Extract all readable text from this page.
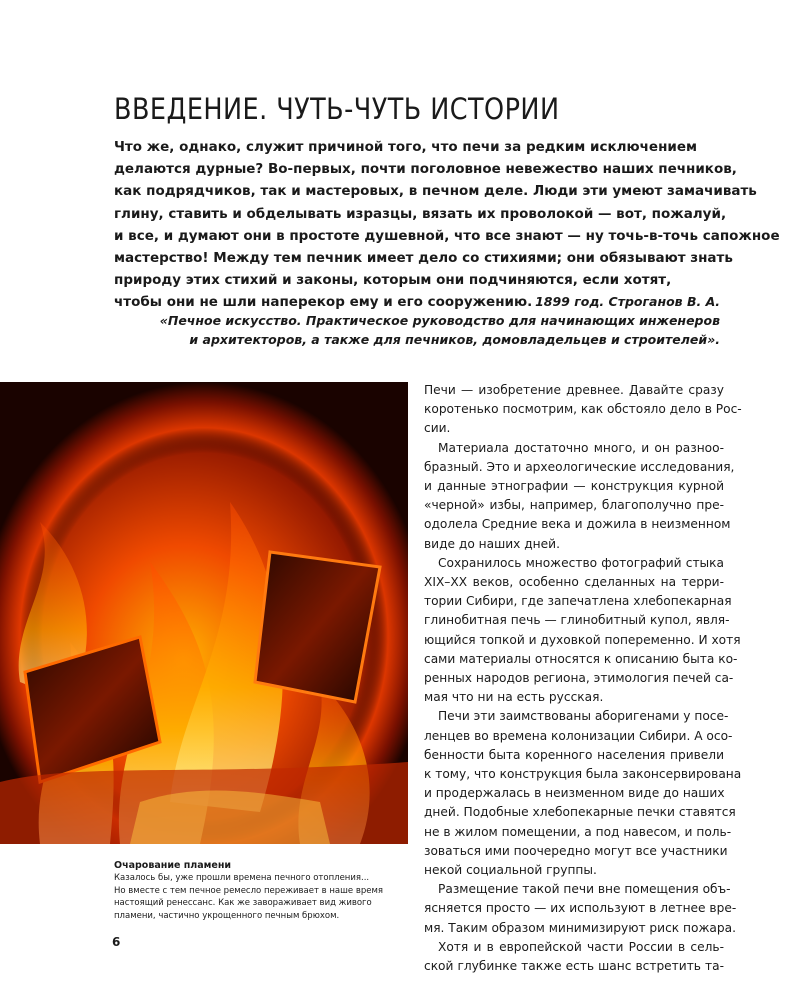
ВВЕДЕНИЕ. ЧУТЬ-ЧУТЬ ИСТОРИИ
Что же, однако, служит причиной того, что печи за редким исключением
делаются дурные? Во-первых, почти поголовное невежество наших печников,
как подрядчиков, так и мастеровых, в печном деле. Люди эти умеют замачивать
глину, ставить и обделывать изразцы, вязать их проволокой — вот, пожалуй,
и все, и думают они в простоте душевной, что все знают — ну точь-в-точь сапожное
мастерство! Между тем печник имеет дело со стихиями; они обязывают знать
природу этих стихий и законы, которым они подчиняются, если хотят,
чтобы они не шли наперекор ему и его сооружению. 1899 год. Строганов В. А.
«Печное искусство. Практическое руководство для начинающих инженеров
и архитекторов, а также для печников, домовладельцев и строителей».
Очарование пламени
Казалось бы, уже прошли времена печного отопления...
Но вместе с тем печное ремесло переживает в наше время
настоящий ренессанс. Как же завораживает вид живого
пламени, частично укрощенного печным брюхом.
6
Печи — изобретение древнее. Давайте сразу
коротенько посмотрим, как обстояло дело в Рос-
сии.
Материала достаточно много, и он разноо-
бразный. Это и археологические исследования,
и данные этнографии — конструкция курной
«черной» избы, например, благополучно пре-
одолела Средние века и дожила в неизменном
виде до наших дней.
Сохранилось множество фотографий стыка
XIX–XX веков, особенно сделанных на терри-
тории Сибири, где запечатлена хлебопекарная
глинобитная печь — глинобитный купол, явля-
ющийся топкой и духовкой попеременно. И хотя
сами материалы относятся к описанию быта ко-
ренных народов региона, этимология печей са-
мая что ни на есть русская.
Печи эти заимствованы аборигенами у посе-
ленцев во времена колонизации Сибири. А осо-
бенности быта коренного населения привели
к тому, что конструкция была законсервирована
и продержалась в неизменном виде до наших
дней. Подобные хлебопекарные печки ставятся
не в жилом помещении, а под навесом, и поль-
зоваться ими поочередно могут все участники
некой социальной группы.
Размещение такой печи вне помещения объ-
ясняется просто — их используют в летнее вре-
мя. Таким образом минимизируют риск пожара.
Хотя и в европейской части России в сель-
ской глубинке также есть шанс встретить та-
